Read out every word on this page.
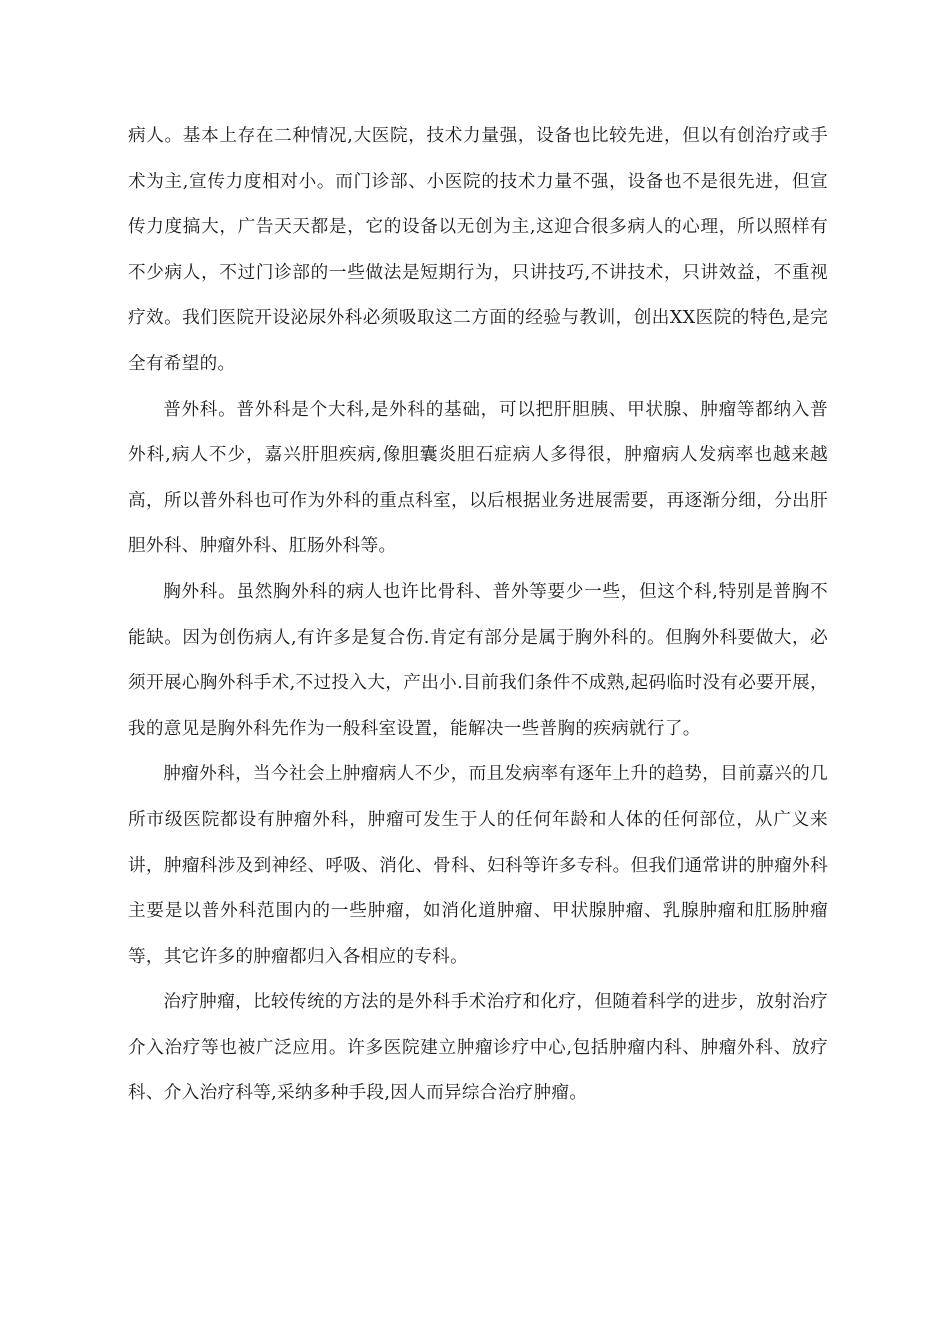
病人。基本上存在二种情况,大医院，技术力量强，设备也比较先进，但以有创治疗或手术为主,宣传力度相对小。而门诊部、小医院的技术力量不强，设备也不是很先进，但宣传力度搞大，广告天天都是，它的设备以无创为主,这迎合很多病人的心理，所以照样有不少病人，不过门诊部的一些做法是短期行为，只讲技巧,不讲技术，只讲效益，不重视疗效。我们医院开设泌尿外科必须吸取这二方面的经验与教训，创出XX医院的特色,是完全有希望的。

普外科。普外科是个大科,是外科的基础，可以把肝胆胰、甲状腺、肿瘤等都纳入普外科,病人不少，嘉兴肝胆疾病,像胆囊炎胆石症病人多得很，肿瘤病人发病率也越来越高，所以普外科也可作为外科的重点科室，以后根据业务进展需要，再逐渐分细，分出肝胆外科、肿瘤外科、肛肠外科等。

胸外科。虽然胸外科的病人也许比骨科、普外等要少一些，但这个科,特别是普胸不能缺。因为创伤病人,有许多是复合伤.肯定有部分是属于胸外科的。但胸外科要做大，必须开展心胸外科手术,不过投入大，产出小.目前我们条件不成熟,起码临时没有必要开展，我的意见是胸外科先作为一般科室设置，能解决一些普胸的疾病就行了。

肿瘤外科，当今社会上肿瘤病人不少，而且发病率有逐年上升的趋势，目前嘉兴的几所市级医院都设有肿瘤外科，肿瘤可发生于人的任何年龄和人体的任何部位，从广义来讲，肿瘤科涉及到神经、呼吸、消化、骨科、妇科等许多专科。但我们通常讲的肿瘤外科主要是以普外科范围内的一些肿瘤，如消化道肿瘤、甲状腺肿瘤、乳腺肿瘤和肛肠肿瘤等，其它许多的肿瘤都归入各相应的专科。

治疗肿瘤，比较传统的方法的是外科手术治疗和化疗，但随着科学的进步，放射治疗介入治疗等也被广泛应用。许多医院建立肿瘤诊疗中心,包括肿瘤内科、肿瘤外科、放疗科、介入治疗科等,采纳多种手段,因人而异综合治疗肿瘤。
